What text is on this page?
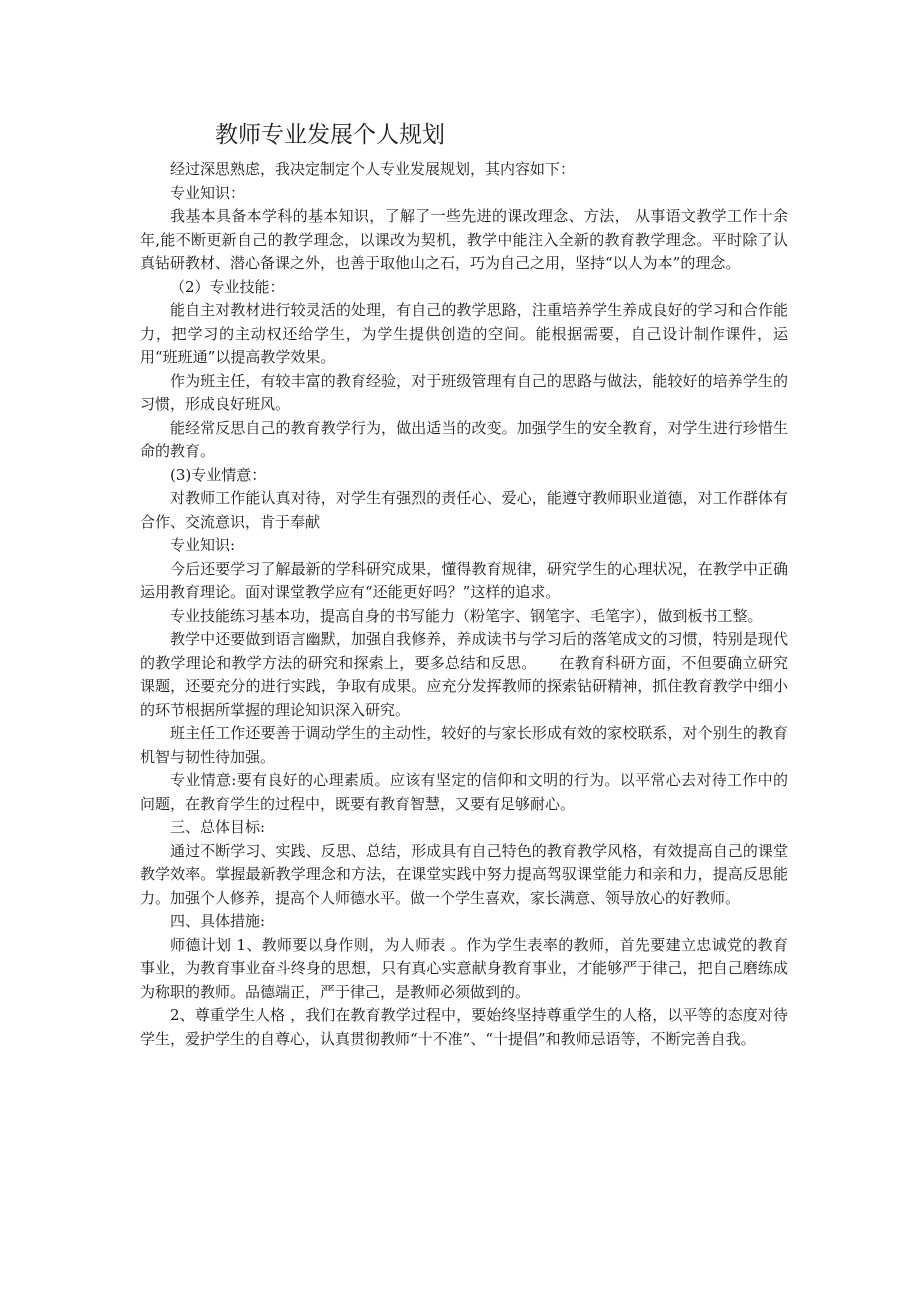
教师专业发展个人规划

经过深思熟虑，我决定制定个人专业发展规划，其内容如下：

专业知识：

我基本具备本学科的基本知识，了解了一些先进的课改理念、方法， 从事语文教学工作十余年,能不断更新自己的教学理念，以课改为契机，教学中能注入全新的教育教学理念。平时除了认真钻研教材、潜心备课之外，也善于取他山之石，巧为自己之用，坚持“以人为本”的理念。

（2）专业技能：

能自主对教材进行较灵活的处理，有自己的教学思路，注重培养学生养成良好的学习和合作能力，把学习的主动权还给学生，为学生提供创造的空间。能根据需要，自己设计制作课件，运用“班班通”以提高教学效果。

作为班主任，有较丰富的教育经验，对于班级管理有自己的思路与做法，能较好的培养学生的习惯，形成良好班风。

能经常反思自己的教育教学行为，做出适当的改变。加强学生的安全教育，对学生进行珍惜生命的教育。

(3)专业情意：

对教师工作能认真对待，对学生有强烈的责任心、爱心，能遵守教师职业道德，对工作群体有合作、交流意识，肯于奉献

专业知识:

今后还要学习了解最新的学科研究成果，懂得教育规律，研究学生的心理状况，在教学中正确运用教育理论。面对课堂教学应有“还能更好吗？”这样的追求。

专业技能练习基本功，提高自身的书写能力（粉笔字、钢笔字、毛笔字），做到板书工整。

教学中还要做到语言幽默，加强自我修养，养成读书与学习后的落笔成文的习惯，特别是现代的教学理论和教学方法的研究和探索上，要多总结和反思。　　在教育科研方面，不但要确立研究课题，还要充分的进行实践，争取有成果。应充分发挥教师的探索钻研精神，抓住教育教学中细小的环节根据所掌握的理论知识深入研究。

班主任工作还要善于调动学生的主动性，较好的与家长形成有效的家校联系，对个别生的教育机智与韧性待加强。

专业情意:要有良好的心理素质。应该有坚定的信仰和文明的行为。以平常心去对待工作中的问题，在教育学生的过程中，既要有教育智慧，又要有足够耐心。

三、总体目标:

通过不断学习、实践、反思、总结，形成具有自己特色的教育教学风格，有效提高自己的课堂教学效率。掌握最新教学理念和方法，在课堂实践中努力提高驾驭课堂能力和亲和力，提高反思能力。加强个人修养，提高个人师德水平。做一个学生喜欢，家长满意、领导放心的好教师。

四、具体措施:

师德计划 1、教师要以身作则，为人师表 。作为学生表率的教师，首先要建立忠诚党的教育事业，为教育事业奋斗终身的思想，只有真心实意献身教育事业，才能够严于律己，把自己磨练成为称职的教师。品德端正，严于律己，是教师必须做到的。

2、尊重学生人格 ，我们在教育教学过程中，要始终坚持尊重学生的人格，以平等的态度对待学生，爱护学生的自尊心，认真贯彻教师“十不准”、“十提倡”和教师忌语等，不断完善自我。
